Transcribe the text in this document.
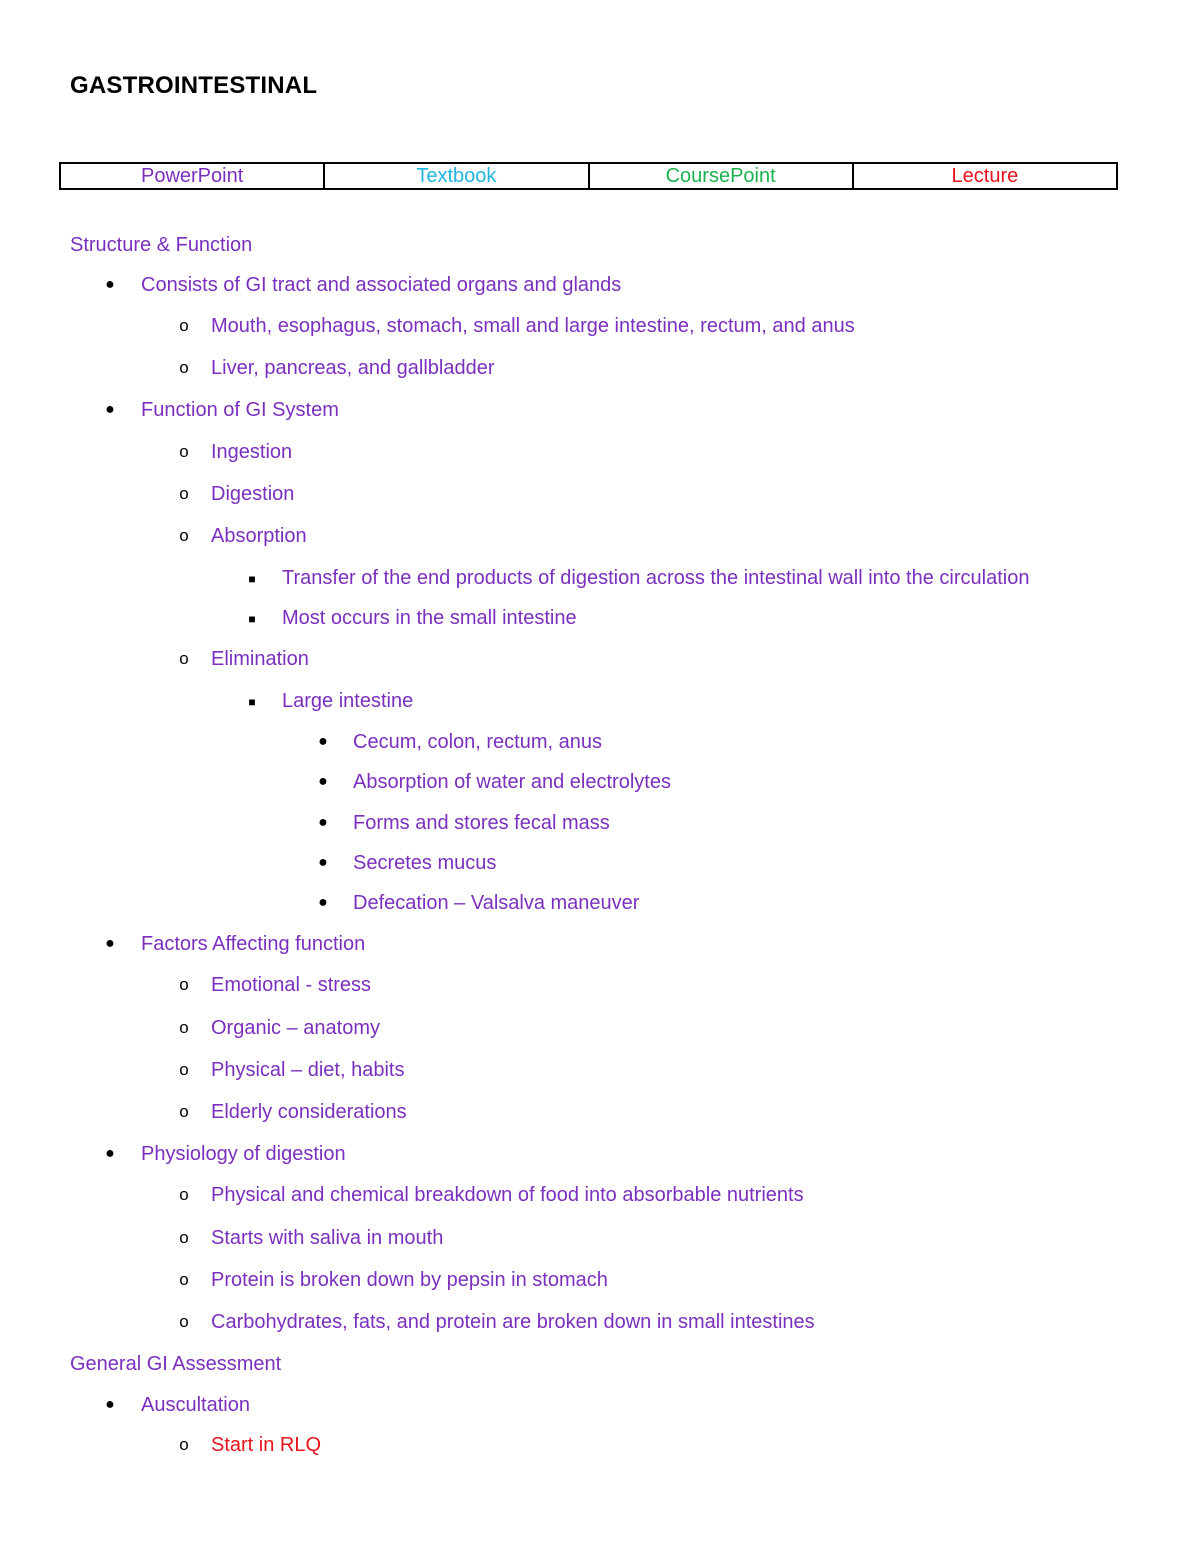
GASTROINTESTINAL
PowerPoint	Textbook	CoursePoint	Lecture
Structure & Function
● Consists of GI tract and associated organs and glands
o Mouth, esophagus, stomach, small and large intestine, rectum, and anus
o Liver, pancreas, and gallbladder
● Function of GI System
o Ingestion
o Digestion
o Absorption
■ Transfer of the end products of digestion across the intestinal wall into the circulation
■ Most occurs in the small intestine
o Elimination
■ Large intestine
● Cecum, colon, rectum, anus
● Absorption of water and electrolytes
● Forms and stores fecal mass
● Secretes mucus
● Defecation – Valsalva maneuver
● Factors Affecting function
o Emotional - stress
o Organic – anatomy
o Physical – diet, habits
o Elderly considerations
● Physiology of digestion
o Physical and chemical breakdown of food into absorbable nutrients
o Starts with saliva in mouth
o Protein is broken down by pepsin in stomach
o Carbohydrates, fats, and protein are broken down in small intestines
General GI Assessment
● Auscultation
o Start in RLQ
